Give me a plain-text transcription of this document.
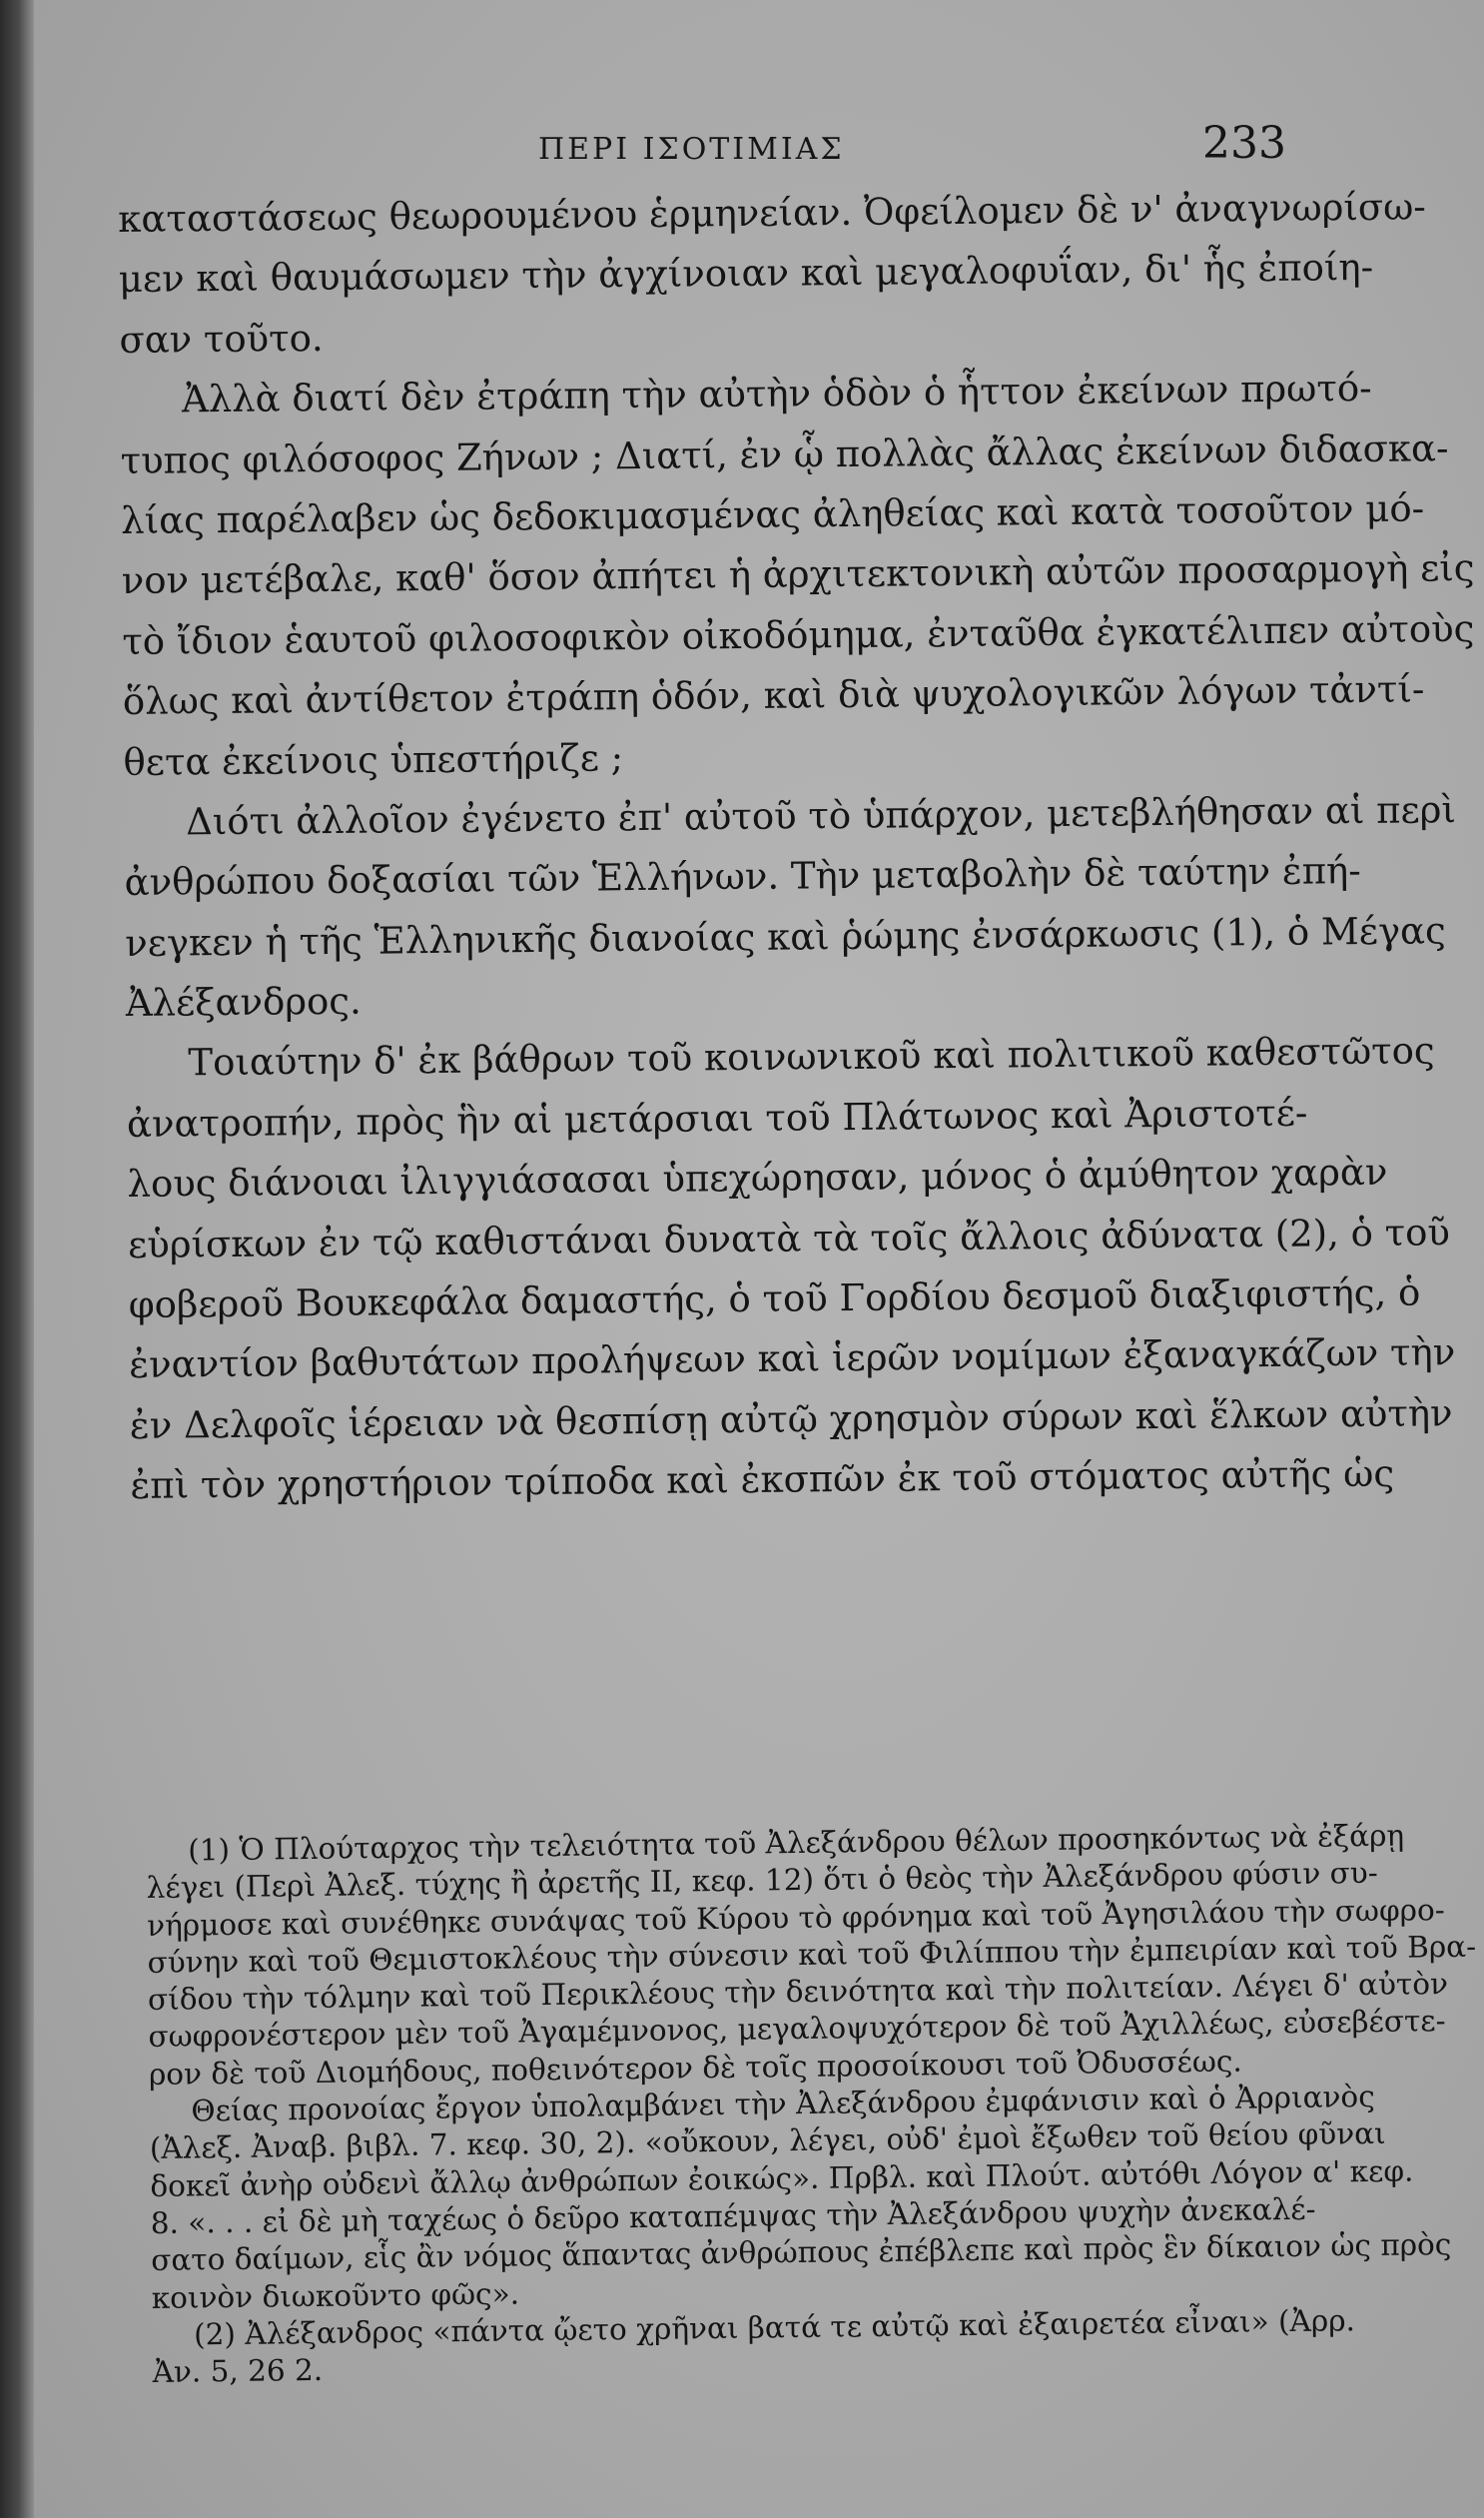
ΠΕΡΙ ΙΣΟΤΙΜΙΑΣ	233
καταστάσεως θεωρουμένου ἑρμηνείαν. Ὀφείλομεν δὲ ν' ἀναγνωρίσω-
μεν καὶ θαυμάσωμεν τὴν ἀγχίνοιαν καὶ μεγαλοφυΐαν, δι' ἧς ἐποίη-
σαν τοῦτο.
Ἀλλὰ διατί δὲν ἐτράπη τὴν αὐτὴν ὁδὸν ὁ ἧττον ἐκείνων πρωτό-
τυπος φιλόσοφος Ζήνων ; Διατί, ἐν ᾧ πολλὰς ἄλλας ἐκείνων διδασκα-
λίας παρέλαβεν ὡς δεδοκιμασμένας ἀληθείας καὶ κατὰ τοσοῦτον μό-
νον μετέβαλε, καθ' ὅσον ἀπήτει ἡ ἀρχιτεκτονικὴ αὐτῶν προσαρμογὴ εἰς
τὸ ἴδιον ἑαυτοῦ φιλοσοφικὸν οἰκοδόμημα, ἐνταῦθα ἐγκατέλιπεν αὐτοὺς
ὅλως καὶ ἀντίθετον ἐτράπη ὁδόν, καὶ διὰ ψυχολογικῶν λόγων τἀντί-
θετα ἐκείνοις ὑπεστήριζε ;
Διότι ἀλλοῖον ἐγένετο ἐπ' αὐτοῦ τὸ ὑπάρχον, μετεβλήθησαν αἱ περὶ
ἀνθρώπου δοξασίαι τῶν Ἑλλήνων. Τὴν μεταβολὴν δὲ ταύτην ἐπή-
νεγκεν ἡ τῆς Ἑλληνικῆς διανοίας καὶ ῥώμης ἐνσάρκωσις (1), ὁ Μέγας
Ἀλέξανδρος.
Τοιαύτην δ' ἐκ βάθρων τοῦ κοινωνικοῦ καὶ πολιτικοῦ καθεστῶτος
ἀνατροπήν, πρὸς ἣν αἱ μετάρσιαι τοῦ Πλάτωνος καὶ Ἀριστοτέ-
λους διάνοιαι ἰλιγγιάσασαι ὑπεχώρησαν, μόνος ὁ ἀμύθητον χαρὰν
εὑρίσκων ἐν τῷ καθιστάναι δυνατὰ τὰ τοῖς ἄλλοις ἀδύνατα (2), ὁ τοῦ
φοβεροῦ Βουκεφάλα δαμαστής, ὁ τοῦ Γορδίου δεσμοῦ διαξιφιστής, ὁ
ἐναντίον βαθυτάτων προλήψεων καὶ ἱερῶν νομίμων ἐξαναγκάζων τὴν
ἐν Δελφοῖς ἱέρειαν νὰ θεσπίσῃ αὐτῷ χρησμὸν σύρων καὶ ἕλκων αὐτὴν
ἐπὶ τὸν χρηστήριον τρίποδα καὶ ἐκσπῶν ἐκ τοῦ στόματος αὐτῆς ὡς
(1) Ὁ Πλούταρχος τὴν τελειότητα τοῦ Ἀλεξάνδρου θέλων προσηκόντως νὰ ἐξάρῃ
λέγει (Περὶ Ἀλεξ. τύχης ἢ ἀρετῆς ΙΙ, κεφ. 12) ὅτι ὁ θεὸς τὴν Ἀλεξάνδρου φύσιν συ-
νήρμοσε καὶ συνέθηκε συνάψας τοῦ Κύρου τὸ φρόνημα καὶ τοῦ Ἀγησιλάου τὴν σωφρο-
σύνην καὶ τοῦ Θεμιστοκλέους τὴν σύνεσιν καὶ τοῦ Φιλίππου τὴν ἐμπειρίαν καὶ τοῦ Βρα-
σίδου τὴν τόλμην καὶ τοῦ Περικλέους τὴν δεινότητα καὶ τὴν πολιτείαν. Λέγει δ' αὐτὸν
σωφρονέστερον μὲν τοῦ Ἀγαμέμνονος, μεγαλοψυχότερον δὲ τοῦ Ἀχιλλέως, εὐσεβέστε-
ρον δὲ τοῦ Διομήδους, ποθεινότερον δὲ τοῖς προσοίκουσι τοῦ Ὀδυσσέως.
Θείας προνοίας ἔργον ὑπολαμβάνει τὴν Ἀλεξάνδρου ἐμφάνισιν καὶ ὁ Ἀρριανὸς
(Ἀλεξ. Ἀναβ. βιβλ. 7. κεφ. 30, 2). «οὔκουν, λέγει, οὐδ' ἐμοὶ ἔξωθεν τοῦ θείου φῦναι
δοκεῖ ἀνὴρ οὐδενὶ ἄλλῳ ἀνθρώπων ἐοικώς». Πρβλ. καὶ Πλούτ. αὐτόθι Λόγον α' κεφ.
8. «. . . εἰ δὲ μὴ ταχέως ὁ δεῦρο καταπέμψας τὴν Ἀλεξάνδρου ψυχὴν ἀνεκαλέ-
σατο δαίμων, εἷς ἂν νόμος ἅπαντας ἀνθρώπους ἐπέβλεπε καὶ πρὸς ἓν δίκαιον ὡς πρὸς
κοινὸν διωκοῦντο φῶς».
(2) Ἀλέξανδρος «πάντα ᾤετο χρῆναι βατά τε αὐτῷ καὶ ἐξαιρετέα εἶναι» (Ἀρρ.
Ἀν. 5, 26 2.
